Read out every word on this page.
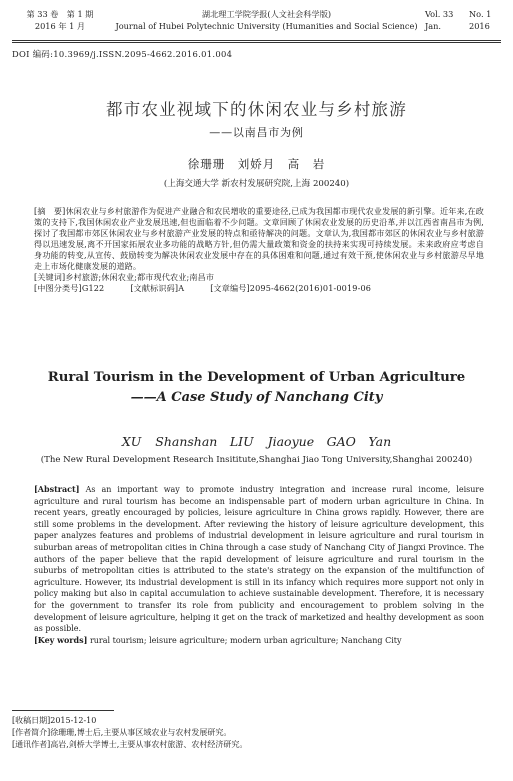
第 33 卷　第 1 期
2016 年 1 月
湖北理工学院学报(人文社会科学版)
Journal of Hubei Polytechnic University (Humanities and Social Science)
Vol. 33 No. 1
Jan.	2016
DOI 编码:10.3969/j.ISSN.2095-4662.2016.01.004
都市农业视域下的休闲农业与乡村旅游
——以南昌市为例
徐珊珊　刘娇月　高　岩
(上海交通大学 新农村发展研究院,上海 200240)

[摘　要]休闲农业与乡村旅游作为促进产业融合和农民增收的重要途径,已成为我国都市现代农业发展的新引擎。近年来,在政策的支持下,我国休闲农业产业发展迅速,但也面临着不少问题。文章回顾了休闲农业发展的历史沿革,并以江西省南昌市为例,探讨了我国都市郊区休闲农业与乡村旅游产业发展的特点和亟待解决的问题。文章认为,我国都市郊区的休闲农业与乡村旅游得以迅速发展,离不开国家拓展农业多功能的战略方针,但仍需大量政策和资金的扶持来实现可持续发展。未来政府应考虑自身功能的转变,从宣传、鼓励转变为解决休闲农业发展中存在的具体困难和问题,通过有效干预,使休闲农业与乡村旅游尽早地走上市场化健康发展的道路。

[关键词]乡村旅游;休闲农业;都市现代农业;南昌市

[中图分类号]G122	[文献标识码]A	[文章编号]2095-4662(2016)01-0019-06

Rural Tourism in the Development of Urban Agriculture
——A Case Study of Nanchang City
XU Shanshan　LIU Jiaoyue　GAO　Yan
(The New Rural Development Research Insititute,Shanghai Jiao Tong University,Shanghai 200240)

[Abstract] As an important way to promote industry integration and increase rural income, leisure agriculture and rural tourism has become an indispensable part of modern urban agriculture in China. In recent years, greatly encouraged by policies, leisure agriculture in China grows rapidly. However, there are still some problems in the development. After reviewing the history of leisure agriculture development, this paper analyzes features and problems of industrial development in leisure agriculture and rural tourism in suburban areas of metropolitan cities in China through a case study of Nanchang City of Jiangxi Province. The authors of the paper believe that the rapid development of leisure agriculture and rural tourism in the suburbs of metropolitan cities is attributed to the state's strategy on the expansion of the multifunction of agriculture. However, its industrial development is still in its infancy which requires more support not only in policy making but also in capital accumulation to achieve sustainable development. Therefore, it is necessary for the government to transfer its role from publicity and encouragement to problem solving in the development of leisure agriculture, helping it get on the track of marketized and healthy development as soon as possible.

[Key words] rural tourism; leisure agriculture; modern urban agriculture; Nanchang City

[收稿日期]2015-12-10
[作者简介]徐珊珊,博士后,主要从事区域农业与农村发展研究。
[通讯作者]高岩,剑桥大学博士,主要从事农村旅游、农村经济研究。
